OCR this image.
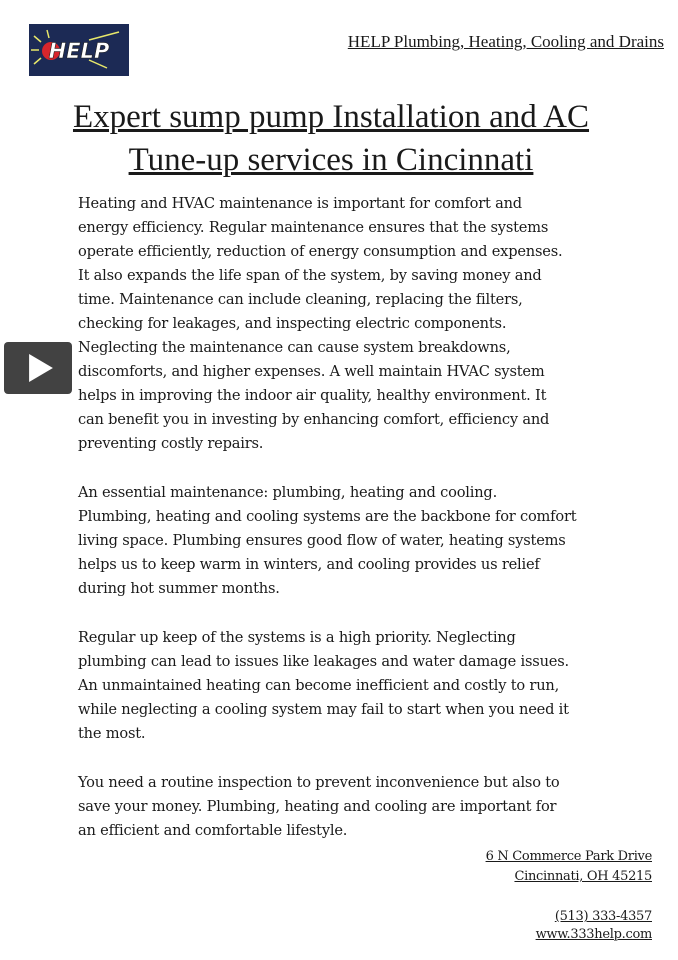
HELP	HELP Plumbing, Heating, Cooling and Drains
Expert sump pump Installation and AC
Tune-up services in Cincinnati
Heating and HVAC maintenance is important for comfort and
energy efficiency. Regular maintenance ensures that the systems
operate efficiently, reduction of energy consumption and expenses.
It also expands the life span of the system, by saving money and
time. Maintenance can include cleaning, replacing the filters,
checking for leakages, and inspecting electric components.
Neglecting the maintenance can cause system breakdowns,
discomforts, and higher expenses. A well maintain HVAC system
helps in improving the indoor air quality, healthy environment. It
can benefit you in investing by enhancing comfort, efficiency and
preventing costly repairs.
An essential maintenance: plumbing, heating and cooling.
Plumbing, heating and cooling systems are the backbone for comfort
living space. Plumbing ensures good flow of water, heating systems
helps us to keep warm in winters, and cooling provides us relief
during hot summer months.
Regular up keep of the systems is a high priority. Neglecting
plumbing can lead to issues like leakages and water damage issues.
An unmaintained heating can become inefficient and costly to run,
while neglecting a cooling system may fail to start when you need it
the most.
You need a routine inspection to prevent inconvenience but also to
save your money. Plumbing, heating and cooling are important for
an efficient and comfortable lifestyle.
6 N Commerce Park Drive
Cincinnati, OH 45215
(513) 333-4357
www.333help.com
